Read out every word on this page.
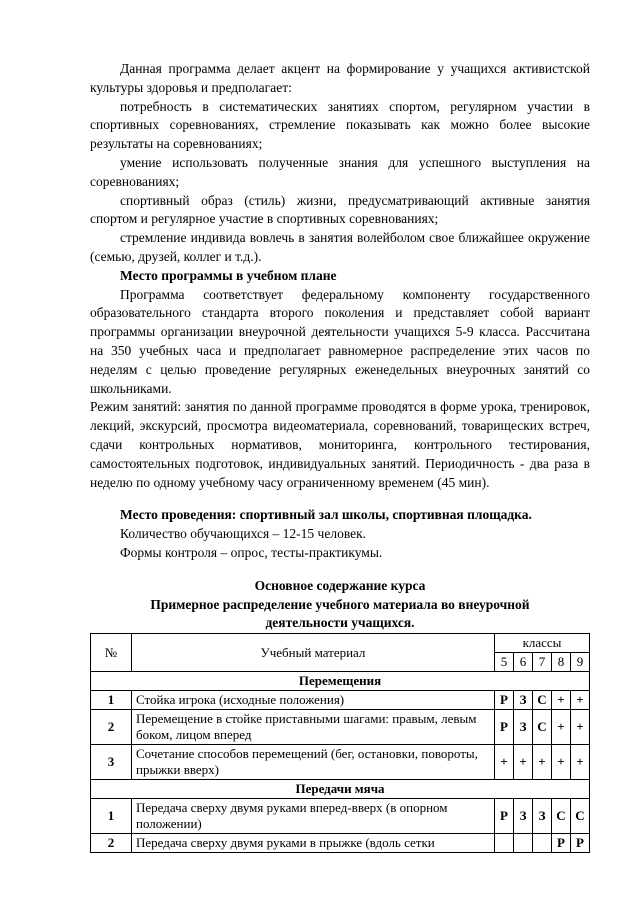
Данная программа делает акцент на формирование у учащихся активистской культуры здоровья и предполагает:

потребность в систематических занятиях спортом, регулярном участии в спортивных соревнованиях, стремление показывать как можно более высокие результаты на соревнованиях;

умение использовать полученные знания для успешного выступления на соревнованиях;

спортивный образ (стиль) жизни, предусматривающий активные занятия спортом и регулярное участие в спортивных соревнованиях;

стремление индивида вовлечь в занятия волейболом свое ближайшее окружение (семью, друзей, коллег и т.д.).

Место программы в учебном плане

Программа соответствует федеральному компоненту государственного образовательного стандарта второго поколения и представляет собой вариант программы организации внеурочной деятельности учащихся 5-9 класса. Рассчитана на 350 учебных часа и предполагает равномерное распределение этих часов по неделям с целью проведение регулярных еженедельных внеурочных занятий со школьниками.

Режим занятий: занятия по данной программе проводятся в форме урока, тренировок, лекций, экскурсий, просмотра видеоматериала, соревнований, товарищеских встреч, сдачи контрольных нормативов, мониторинга, контрольного тестирования, самостоятельных подготовок, индивидуальных занятий. Периодичность - два раза в неделю по одному учебному часу ограниченному временем (45 мин).

Место проведения: спортивный зал школы, спортивная площадка.

Количество обучающихся – 12-15 человек.

Формы контроля – опрос, тесты-практикумы.

Основное содержание курса

Примерное распределение учебного материала во внеурочной деятельности учащихся.

№	Учебный материал	классы				
		5	6	7	8	9
Перемещения						
1	Стойка игрока (исходные положения)	Р	З	С	+	+
2	Перемещение в стойке приставными шагами: правым, левым боком, лицом вперед	Р	З	С	+	+
3	Сочетание способов перемещений (бег, остановки, повороты, прыжки вверх)	+	+	+	+	+
Передачи мяча						
1	Передача сверху двумя руками вперед-вверх (в опорном положении)	Р	З	З	С	С
2	Передача сверху двумя руками в прыжке (вдоль сетки				Р	Р
